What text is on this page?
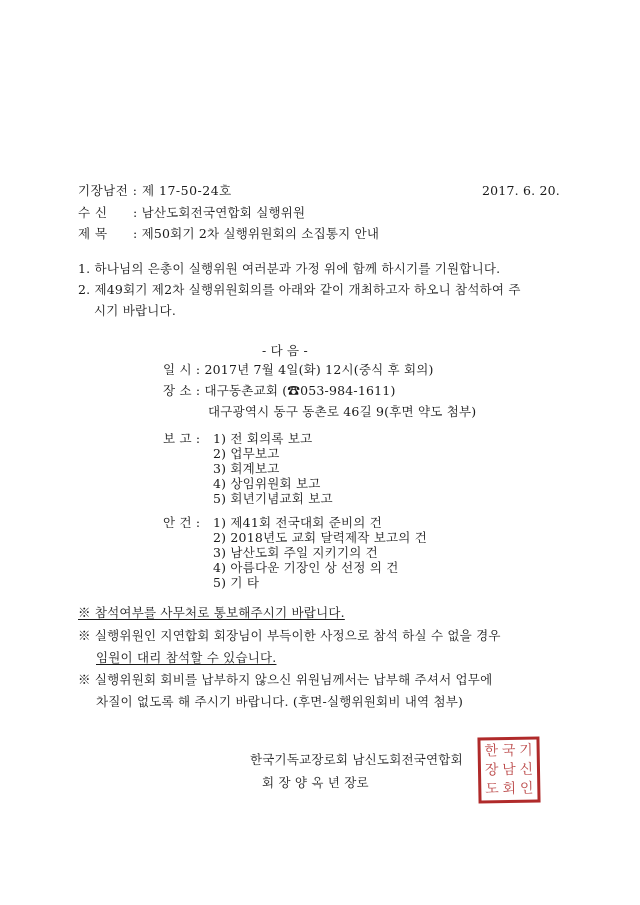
기장남전 : 제 17-50-24호	2017. 6. 20.
수 신 : 남산도회전국연합회 실행위원
제 목 : 제50회기 2차 실행위원회의 소집통지 안내
1. 하나님의 은총이 실행위원 여러분과 가정 위에 함께 하시기를 기원합니다.
2. 제49회기 제2차 실행위원회의를 아래와 같이 개최하고자 하오니 참석하여 주
시기 바랍니다.
- 다 음 -
일 시 : 2017년 7월 4일(화) 12시(중식 후 회의)
장 소 : 대구동촌교회 (☎053-984-1611)
대구광역시 동구 동촌로 46길 9(후면 약도 첨부)
보 고 : 1) 전 회의록 보고
2) 업무보고
3) 회계보고
4) 상임위원회 보고
5) 회년기념교회 보고
안 건 : 1) 제41회 전국대회 준비의 건
2) 2018년도 교회 달력제작 보고의 건
3) 남산도회 주일 지키기의 건
4) 아름다운 기장인 상 선정 의 건
5) 기 타
※ 참석여부를 사무처로 통보해주시기 바랍니다.
※ 실행위원인 지연합회 회장님이 부득이한 사정으로 참석 하실 수 없을 경우
임원이 대리 참석할 수 있습니다.
※ 실행위원회 회비를 납부하지 않으신 위원님께서는 납부해 주셔서 업무에
차질이 없도록 해 주시기 바랍니다. (후면-실행위원회비 내역 첨부)
한국기독교장로회 남신도회전국연합회
회 장 양 옥 년 장로
한 국 기
장 남 신
도 회 인
